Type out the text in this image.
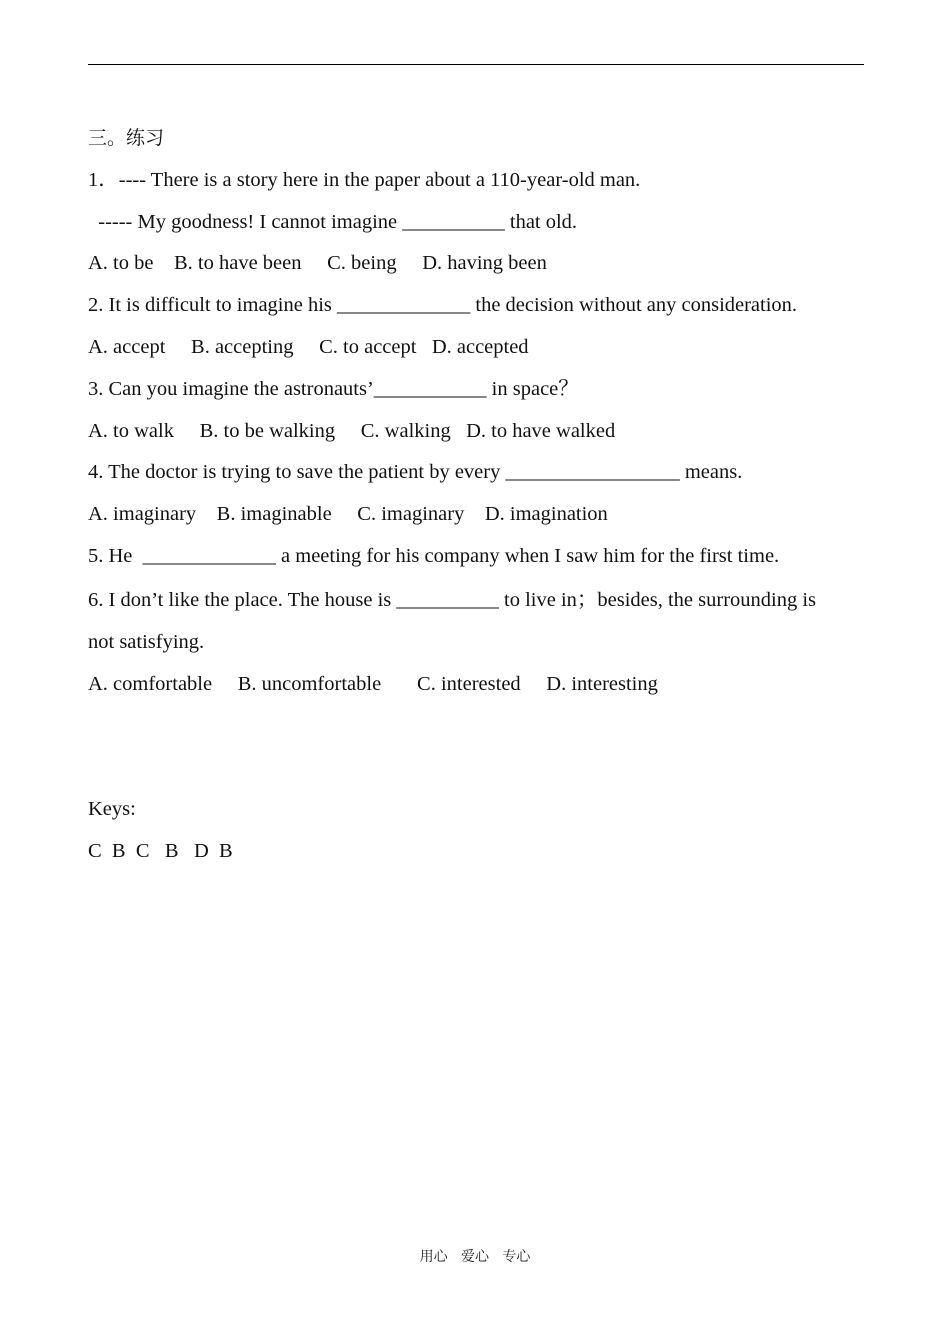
三。练习
1．---- There is a story here in the paper about a 110-year-old man.
----- My goodness! I cannot imagine __________ that old.
A. to be    B. to have been     C. being     D. having been
2. It is difficult to imagine his _____________ the decision without any consideration.
A. accept     B. accepting     C. to accept   D. accepted
3. Can you imagine the astronauts’___________ in space？
A. to walk     B. to be walking     C. walking   D. to have walked
4. The doctor is trying to save the patient by every _________________ means.
A. imaginary    B. imaginable     C. imaginary    D. imagination
5. He  _____________ a meeting for his company when I saw him for the first time.
6. I don’t like the place. The house is __________ to live in；besides, the surrounding is
not satisfying.
A. comfortable     B. uncomfortable       C. interested     D. interesting
Keys:
C  B  C   B   D  B
用心   爱心   专心
